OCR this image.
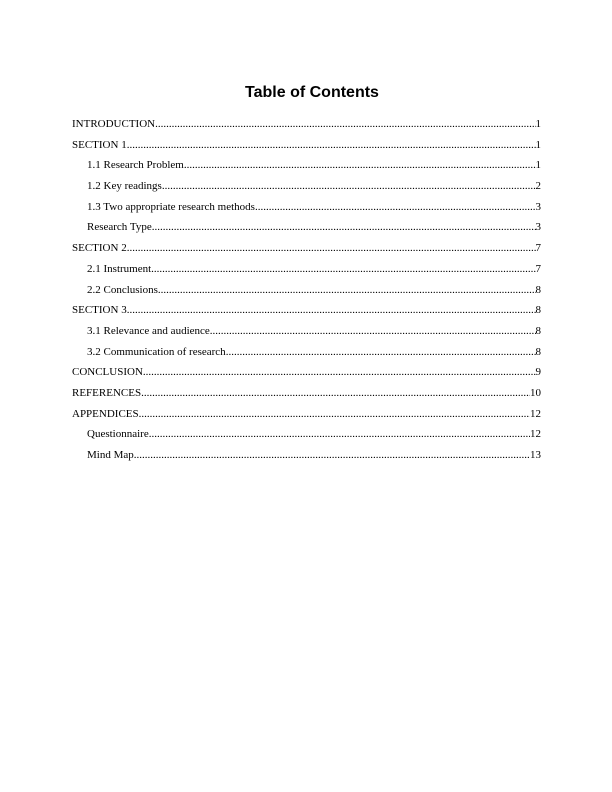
Table of Contents
INTRODUCTION .....	1
SECTION 1 .....	1
1.1 Research Problem .....	1
1.2 Key readings .....	2
1.3 Two appropriate research methods .....	3
Research Type .....	3
SECTION 2 .....	7
2.1 Instrument .....	7
2.2 Conclusions .....	8
SECTION 3 .....	8
3.1 Relevance and audience .....	8
3.2 Communication of research .....	8
CONCLUSION .....	9
REFERENCES .....	10
APPENDICES .....	12
Questionnaire .....	12
Mind Map .....	13
